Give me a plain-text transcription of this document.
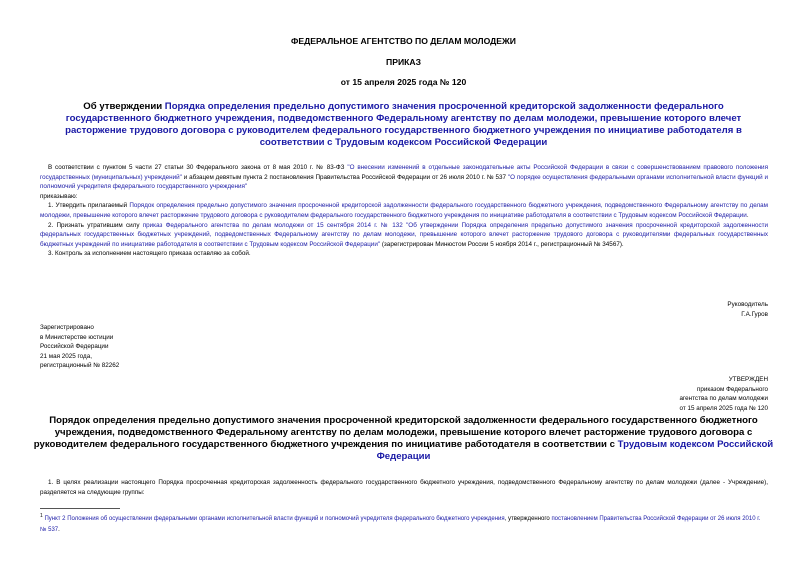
ФЕДЕРАЛЬНОЕ АГЕНТСТВО ПО ДЕЛАМ МОЛОДЕЖИ
ПРИКАЗ
от 15 апреля 2025 года № 120
Об утверждении Порядка определения предельно допустимого значения просроченной кредиторской задолженности федерального государственного бюджетного учреждения, подведомственного Федеральному агентству по делам молодежи, превышение которого влечет расторжение трудового договора с руководителем федерального государственного бюджетного учреждения по инициативе работодателя в соответствии с Трудовым кодексом Российской Федерации

В соответствии с пунктом 5 части 27 статьи 30 Федерального закона от 8 мая 2010 г. № 83-ФЗ "О внесении изменений в отдельные законодательные акты Российской Федерации в связи с совершенствованием правового положения государственных (муниципальных) учреждений" и абзацем девятым пункта 2 постановления Правительства Российской Федерации от 26 июля 2010 г. № 537 "О порядке осуществления федеральными органами исполнительной власти функций и полномочий учредителя федерального государственного учреждения"

приказываю:

1. Утвердить прилагаемый Порядок определения предельно допустимого значения просроченной кредиторской задолженности федерального государственного бюджетного учреждения, подведомственного Федеральному агентству по делам молодежи, превышение которого влечет расторжение трудового договора с руководителем федерального государственного бюджетного учреждения по инициативе работодателя в соответствии с Трудовым кодексом Российской Федерации.

2. Признать утратившим силу приказ Федерального агентства по делам молодежи от 15 сентября 2014 г. № 132 "Об утверждении Порядка определения предельно допустимого значения просроченной кредиторской задолженности федеральных государственных бюджетных учреждений, подведомственных Федеральному агентству по делам молодежи, превышение которого влечет расторжение трудового договора с руководителями федеральных государственных бюджетных учреждений по инициативе работодателя в соответствии с Трудовым кодексом Российской Федерации" (зарегистрирован Минюстом России 5 ноября 2014 г., регистрационный № 34567).

3. Контроль за исполнением настоящего приказа оставляю за собой.

Руководитель

Г.А.Гуров

Зарегистрировано

в Министерстве юстиции

Российской Федерации

21 мая 2025 года,

регистрационный № 82262

УТВЕРЖДЕН

приказом Федерального

агентства по делам молодежи

от 15 апреля 2025 года № 120

Порядок определения предельно допустимого значения просроченной кредиторской задолженности федерального государственного бюджетного учреждения, подведомственного Федеральному агентству по делам молодежи, превышение которого влечет расторжение трудового договора с руководителем федерального государственного бюджетного учреждения по инициативе работодателя в соответствии с Трудовым кодексом Российской Федерации

1. В целях реализации настоящего Порядка просроченная кредиторская задолженность федерального государственного бюджетного учреждения, подведомственного Федеральному агентству по делам молодежи (далее - Учреждение), разделяется на следующие группы:

$^1$ Пункт 2 Положения об осуществлении федеральными органами исполнительной власти функций и полномочий учредителя федерального бюджетного учреждения, утвержденного постановлением Правительства Российской Федерации от 26 июля 2010 г. № 537.
